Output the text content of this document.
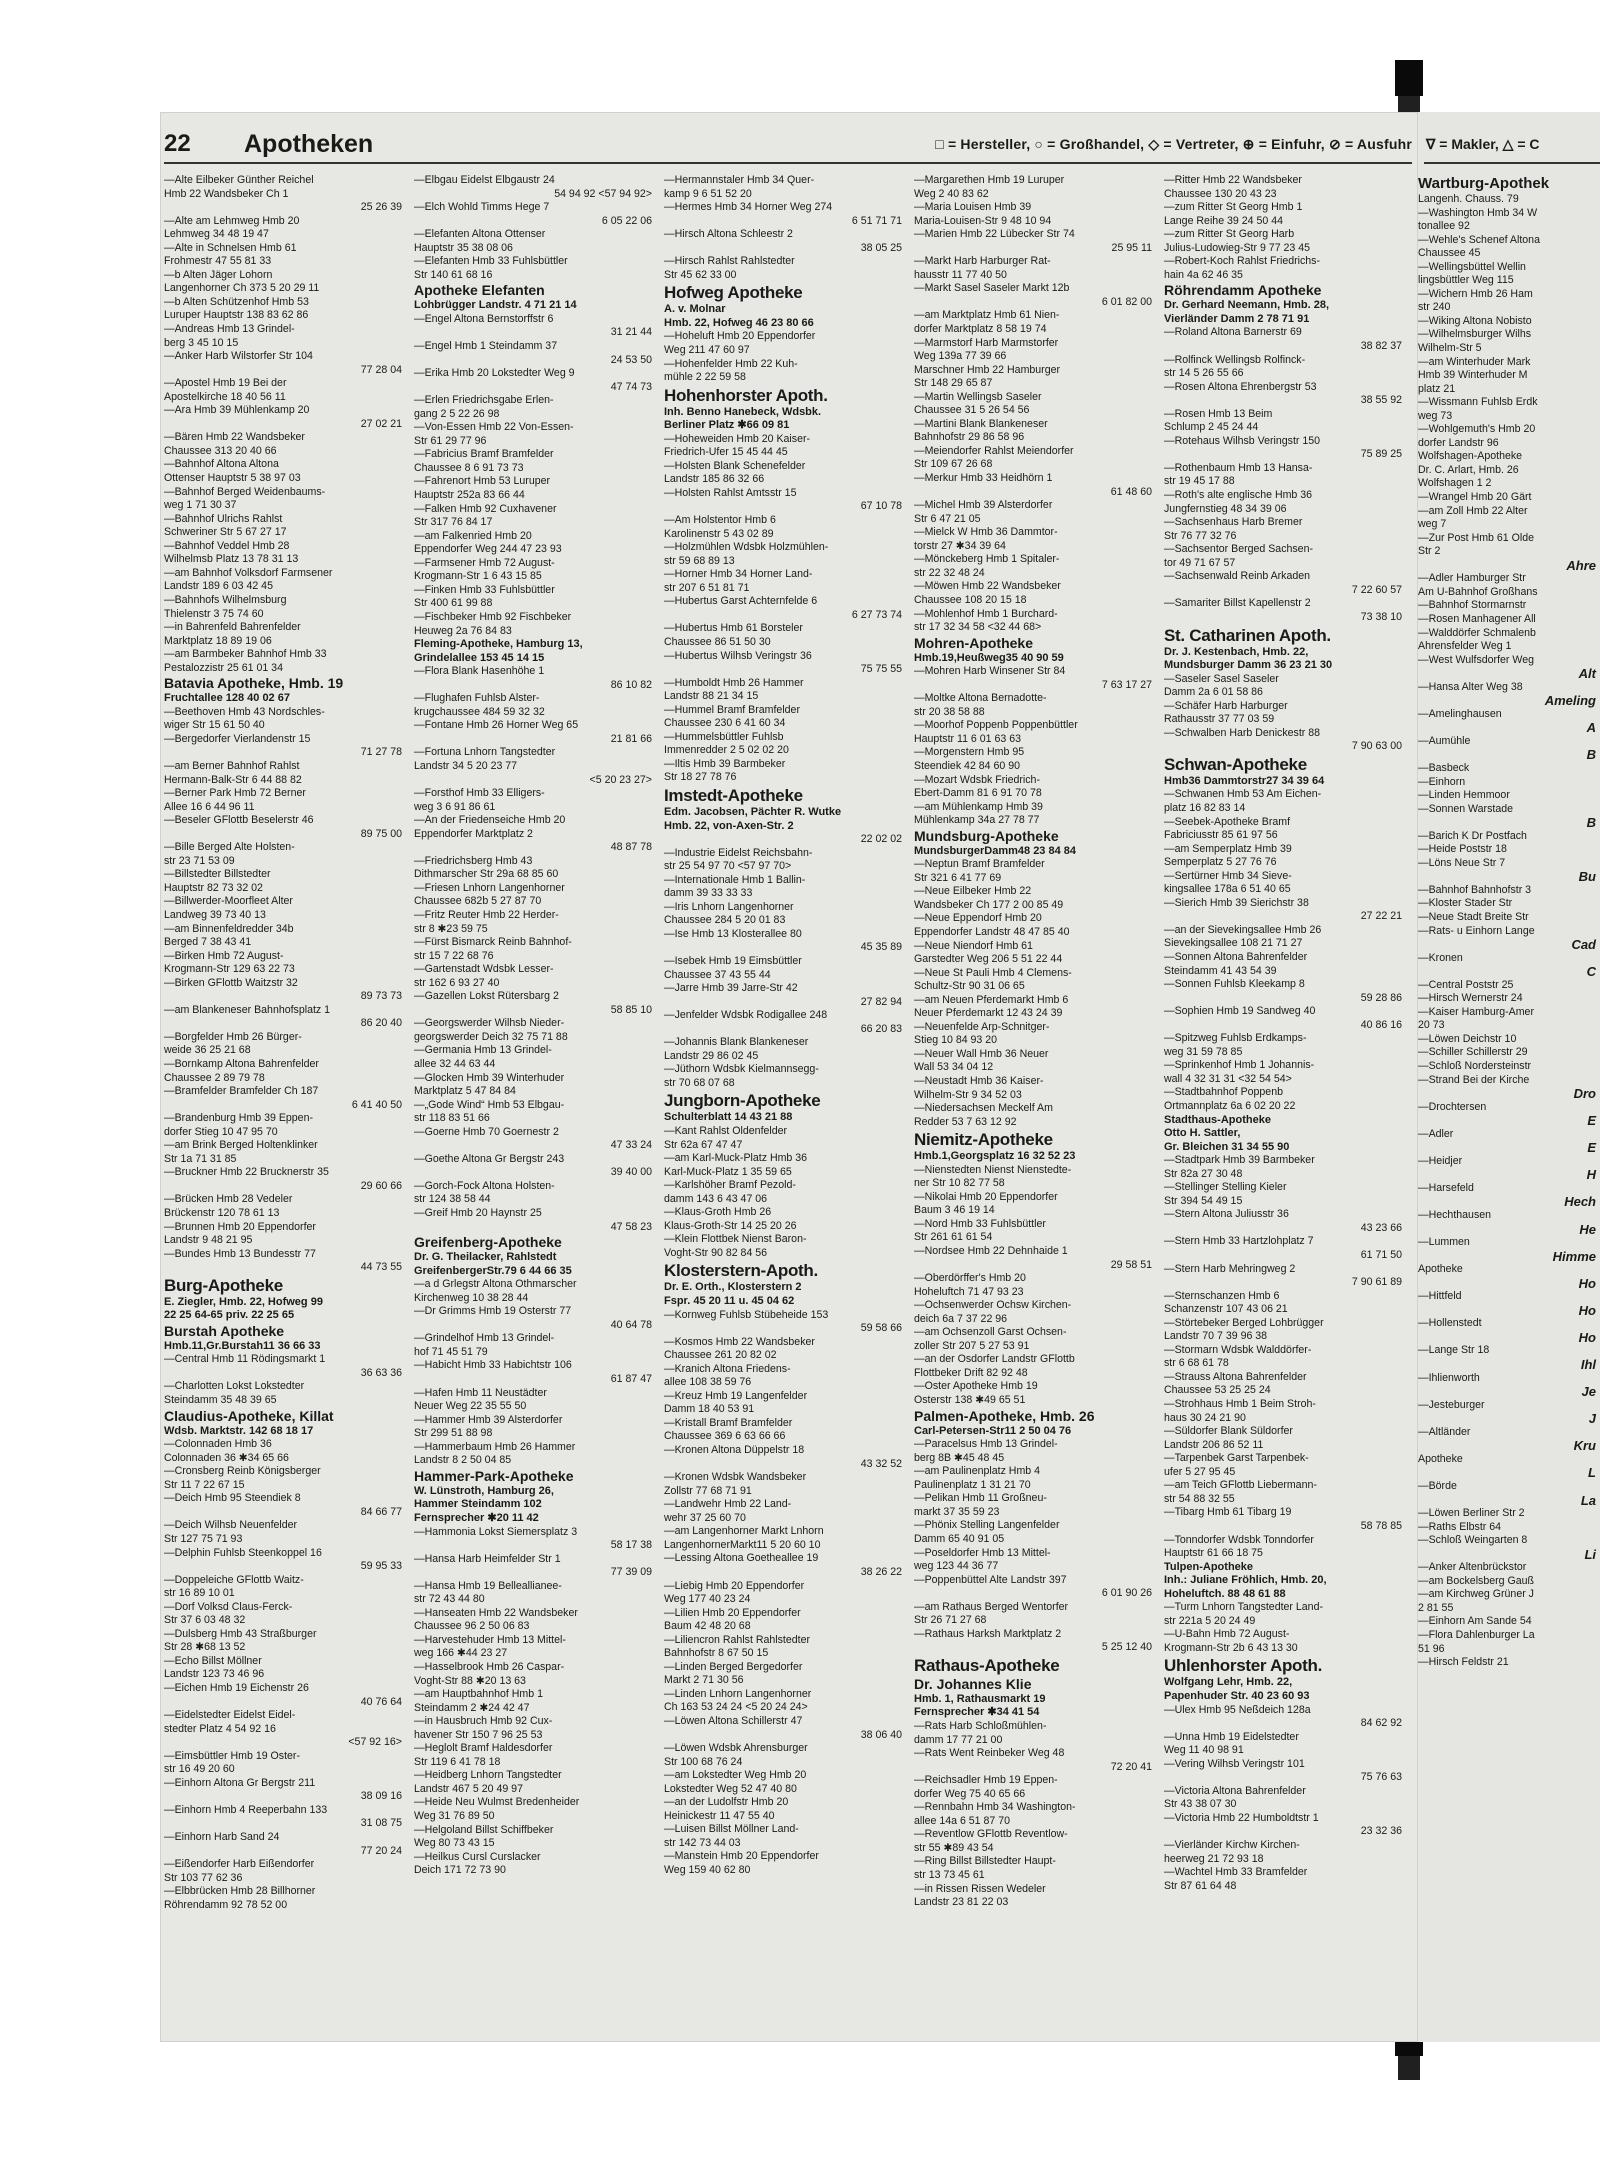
22 Apotheken	□ = Hersteller, ○ = Großhandel, ◇ = Vertreter, ⊕ = Einfuhr, ⊘ = Ausfuhr
—Alte Eilbeker Günther Reichel
Hmb 22 Wandsbeker Ch 1
25 26 39
—Alte am Lehmweg Hmb 20
Lehmweg 34 48 19 47
—Alte in Schnelsen Hmb 61
Frohmestr 47 55 81 33
—b Alten Jäger Lohorn
Langenhorner Ch 373 5 20 29 11
—b Alten Schützenhof Hmb 53
Luruper Hauptstr 138 83 62 86
—Andreas Hmb 13 Grindel-
berg 3 45 10 15
—Anker Harb Wilstorfer Str 104
77 28 04
—Apostel Hmb 19 Bei der
Apostelkirche 18 40 56 11
—Ara Hmb 39 Mühlenkamp 20
27 02 21
—Bären Hmb 22 Wandsbeker
Chaussee 313 20 40 66
—Bahnhof Altona Altona
Ottenser Hauptstr 5 38 97 03
—Bahnhof Berged Weidenbaums-
weg 1 71 30 37
—Bahnhof Ulrichs Rahlst
Schweriner Str 5 67 27 17
—Bahnhof Veddel Hmb 28
Wilhelmsb Platz 13 78 31 13
—am Bahnhof Volksdorf Farmsener
Landstr 189 6 03 42 45
—Bahnhofs Wilhelmsburg
Thielenstr 3 75 74 60
—in Bahrenfeld Bahrenfelder
Marktplatz 18 89 19 06
—am Barmbeker Bahnhof Hmb 33
Pestalozzistr 25 61 01 34
Batavia Apotheke, Hmb. 19
Fruchtallee 128 40 02 67
—Beethoven Hmb 43 Nordschles-
wiger Str 15 61 50 40
—Bergedorfer Vierlandenstr 15
71 27 78
—am Berner Bahnhof Rahlst
Hermann-Balk-Str 6 44 88 82
—Berner Park Hmb 72 Berner
Allee 16 6 44 96 11
—Beseler GFlottb Beselerstr 46
89 75 00
—Bille Berged Alte Holsten-
str 23 71 53 09
—Billstedter Billstedter
Hauptstr 82 73 32 02
—Billwerder-Moorfleet Alter
Landweg 39 73 40 13
—am Binnenfeldredder 34b
Berged 7 38 43 41
—Birken Hmb 72 August-
Krogmann-Str 129 63 22 73
—Birken GFlottb Waitzstr 32
89 73 73
—am Blankeneser Bahnhofsplatz 1
86 20 40
—Borgfelder Hmb 26 Bürger-
weide 36 25 21 68
—Bornkamp Altona Bahrenfelder
Chaussee 2 89 79 78
—Bramfelder Bramfelder Ch 187
6 41 40 50
—Brandenburg Hmb 39 Eppen-
dorfer Stieg 10 47 95 70
—am Brink Berged Holtenklinker
Str 1a 71 31 85
—Bruckner Hmb 22 Brucknerstr 35
29 60 66
—Brücken Hmb 28 Vedeler
Brückenstr 120 78 61 13
—Brunnen Hmb 20 Eppendorfer
Landstr 9 48 21 95
—Bundes Hmb 13 Bundesstr 77
44 73 55
Burg-Apotheke
E. Ziegler, Hmb. 22, Hofweg 99
22 25 64-65 priv. 22 25 65
Burstah Apotheke
Hmb.11,Gr.Burstah11 36 66 33
—Central Hmb 11 Rödingsmarkt 1
36 63 36
—Charlotten Lokst Lokstedter
Steindamm 35 48 39 65
Claudius-Apotheke, Killat
Wdsb. Marktstr. 142 68 18 17
—Colonnaden Hmb 36
Colonnaden 36 ✱34 65 66
—Cronsberg Reinb Königsberger
Str 11 7 22 67 15
—Deich Hmb 95 Steendiek 8
84 66 77
—Deich Wilhsb Neuenfelder
Str 127 75 71 93
—Delphin Fuhlsb Steenkoppel 16
59 95 33
—Doppeleiche GFlottb Waitz-
str 16 89 10 01
—Dorf Volksd Claus-Ferck-
Str 37 6 03 48 32
—Dulsberg Hmb 43 Straßburger
Str 28 ✱68 13 52
—Echo Billst Möllner
Landstr 123 73 46 96
—Eichen Hmb 19 Eichenstr 26
40 76 64
—Eidelstedter Eidelst Eidel-
stedter Platz 4 54 92 16
<57 92 16>
—Eimsbüttler Hmb 19 Oster-
str 16 49 20 60
—Einhorn Altona Gr Bergstr 211
38 09 16
—Einhorn Hmb 4 Reeperbahn 133
31 08 75
—Einhorn Harb Sand 24
77 20 24
—Eißendorfer Harb Eißendorfer
Str 103 77 62 36
—Elbbrücken Hmb 28 Billhorner
Röhrendamm 92 78 52 00
—Elbgau Eidelst Elbgaustr 24
54 94 92 <57 94 92>
—Elch Wohld Timms Hege 7
6 05 22 06
—Elefanten Altona Ottenser
Hauptstr 35 38 08 06
—Elefanten Hmb 33 Fuhlsbüttler
Str 140 61 68 16
Apotheke Elefanten
Lohbrügger Landstr. 4 71 21 14
—Engel Altona Bernstorffstr 6
31 21 44
—Engel Hmb 1 Steindamm 37
24 53 50
—Erika Hmb 20 Lokstedter Weg 9
47 74 73
—Erlen Friedrichsgabe Erlen-
gang 2 5 22 26 98
—Von-Essen Hmb 22 Von-Essen-
Str 61 29 77 96
—Fabricius Bramf Bramfelder
Chaussee 8 6 91 73 73
—Fahrenort Hmb 53 Luruper
Hauptstr 252a 83 66 44
—Falken Hmb 92 Cuxhavener
Str 317 76 84 17
—am Falkenried Hmb 20
Eppendorfer Weg 244 47 23 93
—Farmsener Hmb 72 August-
Krogmann-Str 1 6 43 15 85
—Finken Hmb 33 Fuhlsbüttler
Str 400 61 99 88
—Fischbeker Hmb 92 Fischbeker
Heuweg 2a 76 84 83
Fleming-Apotheke, Hamburg 13,
Grindelallee 153 45 14 15
—Flora Blank Hasenhöhe 1
86 10 82
—Flughafen Fuhlsb Alster-
krugchaussee 484 59 32 32
—Fontane Hmb 26 Horner Weg 65
21 81 66
—Fortuna Lnhorn Tangstedter
Landstr 34 5 20 23 77
<5 20 23 27>
—Forsthof Hmb 33 Elligers-
weg 3 6 91 86 61
—An der Friedenseiche Hmb 20
Eppendorfer Marktplatz 2
48 87 78
—Friedrichsberg Hmb 43
Dithmarscher Str 29a 68 85 60
—Friesen Lnhorn Langenhorner
Chaussee 682b 5 27 87 70
—Fritz Reuter Hmb 22 Herder-
str 8 ✱23 59 75
—Fürst Bismarck Reinb Bahnhof-
str 15 7 22 68 76
—Gartenstadt Wdsbk Lesser-
str 162 6 93 27 40
—Gazellen Lokst Rütersbarg 2
58 85 10
—Georgswerder Wilhsb Nieder-
georgswerder Deich 32 75 71 88
—Germania Hmb 13 Grindel-
allee 32 44 63 44
—Glocken Hmb 39 Winterhuder
Marktplatz 5 47 84 84
—„Gode Wind“ Hmb 53 Elbgau-
str 118 83 51 66
—Goerne Hmb 70 Goernestr 2
47 33 24
—Goethe Altona Gr Bergstr 243
39 40 00
—Gorch-Fock Altona Holsten-
str 124 38 58 44
—Greif Hmb 20 Haynstr 25
47 58 23
Greifenberg-Apotheke
Dr. G. Theilacker, Rahlstedt
GreifenbergerStr.79 6 44 66 35
—a d Grlegstr Altona Othmarscher
Kirchenweg 10 38 28 44
—Dr Grimms Hmb 19 Osterstr 77
40 64 78
—Grindelhof Hmb 13 Grindel-
hof 71 45 51 79
—Habicht Hmb 33 Habichtstr 106
61 87 47
—Hafen Hmb 11 Neustädter
Neuer Weg 22 35 55 50
—Hammer Hmb 39 Alsterdorfer
Str 299 51 88 98
—Hammerbaum Hmb 26 Hammer
Landstr 8 2 50 04 85
Hammer-Park-Apotheke
W. Lünstroth, Hamburg 26,
Hammer Steindamm 102
Fernsprecher ✱20 11 42
—Hammonia Lokst Siemersplatz 3
58 17 38
—Hansa Harb Heimfelder Str 1
77 39 09
—Hansa Hmb 19 Belleallianee-
str 72 43 44 80
—Hanseaten Hmb 22 Wandsbeker
Chaussee 96 2 50 06 83
—Harvestehuder Hmb 13 Mittel-
weg 166 ✱44 23 27
—Hasselbrook Hmb 26 Caspar-
Voght-Str 88 ✱20 13 63
—am Hauptbahnhof Hmb 1
Steindamm 2 ✱24 42 47
—in Hausbruch Hmb 92 Cux-
havener Str 150 7 96 25 53
—Heglolt Bramf Haldesdorfer
Str 119 6 41 78 18
—Heidberg Lnhorn Tangstedter
Landstr 467 5 20 49 97
—Heide Neu Wulmst Bredenheider
Weg 31 76 89 50
—Helgoland Billst Schiffbeker
Weg 80 73 43 15
—Heilkus Cursl Curslacker
Deich 171 72 73 90
—Hermannstaler Hmb 34 Quer-
kamp 9 6 51 52 20
—Hermes Hmb 34 Horner Weg 274
6 51 71 71
—Hirsch Altona Schleestr 2
38 05 25
—Hirsch Rahlst Rahlstedter
Str 45 62 33 00
Hofweg Apotheke
A. v. Molnar
Hmb. 22, Hofweg 46 23 80 66
—Hoheluft Hmb 20 Eppendorfer
Weg 211 47 60 97
—Hohenfelder Hmb 22 Kuh-
mühle 2 22 59 58
Hohenhorster Apoth.
Inh. Benno Hanebeck, Wdsbk.
Berliner Platz ✱66 09 81
—Hoheweiden Hmb 20 Kaiser-
Friedrich-Ufer 15 45 44 45
—Holsten Blank Schenefelder
Landstr 185 86 32 66
—Holsten Rahlst Amtsstr 15
67 10 78
—Am Holstentor Hmb 6
Karolinenstr 5 43 02 89
—Holzmühlen Wdsbk Holzmühlen-
str 59 68 89 13
—Horner Hmb 34 Horner Land-
str 207 6 51 81 71
—Hubertus Garst Achternfelde 6
6 27 73 74
—Hubertus Hmb 61 Borsteler
Chaussee 86 51 50 30
—Hubertus Wilhsb Veringstr 36
75 75 55
—Humboldt Hmb 26 Hammer
Landstr 88 21 34 15
—Hummel Bramf Bramfelder
Chaussee 230 6 41 60 34
—Hummelsbüttler Fuhlsb
Immenredder 2 5 02 02 20
—Iltis Hmb 39 Barmbeker
Str 18 27 78 76
Imstedt-Apotheke
Edm. Jacobsen, Pächter R. Wutke
Hmb. 22, von-Axen-Str. 2
22 02 02
—Industrie Eidelst Reichsbahn-
str 25 54 97 70 <57 97 70>
—Internationale Hmb 1 Ballin-
damm 39 33 33 33
—Iris Lnhorn Langenhorner
Chaussee 284 5 20 01 83
—Ise Hmb 13 Klosterallee 80
45 35 89
—Isebek Hmb 19 Eimsbüttler
Chaussee 37 43 55 44
—Jarre Hmb 39 Jarre-Str 42
27 82 94
—Jenfelder Wdsbk Rodigallee 248
66 20 83
—Johannis Blank Blankeneser
Landstr 29 86 02 45
—Jüthorn Wdsbk Kielmannsegg-
str 70 68 07 68
Jungborn-Apotheke
Schulterblatt 14 43 21 88
—Kant Rahlst Oldenfelder
Str 62a 67 47 47
—am Karl-Muck-Platz Hmb 36
Karl-Muck-Platz 1 35 59 65
—Karlshöher Bramf Pezold-
damm 143 6 43 47 06
—Klaus-Groth Hmb 26
Klaus-Groth-Str 14 25 20 26
—Klein Flottbek Nienst Baron-
Voght-Str 90 82 84 56
Klosterstern-Apoth.
Dr. E. Orth., Klosterstern 2
Fspr. 45 20 11 u. 45 04 62
—Kornweg Fuhlsb Stübeheide 153
59 58 66
—Kosmos Hmb 22 Wandsbeker
Chaussee 261 20 82 02
—Kranich Altona Friedens-
allee 108 38 59 76
—Kreuz Hmb 19 Langenfelder
Damm 18 40 53 91
—Kristall Bramf Bramfelder
Chaussee 369 6 63 66 66
—Kronen Altona Düppelstr 18
43 32 52
—Kronen Wdsbk Wandsbeker
Zollstr 77 68 71 91
—Landwehr Hmb 22 Land-
wehr 37 25 60 70
—am Langenhorner Markt Lnhorn
LangenhornerMarkt11 5 20 60 10
—Lessing Altona Goetheallee 19
38 26 22
—Liebig Hmb 20 Eppendorfer
Weg 177 40 23 24
—Lilien Hmb 20 Eppendorfer
Baum 42 48 20 68
—Liliencron Rahlst Rahlstedter
Bahnhofstr 8 67 50 15
—Linden Berged Bergedorfer
Markt 2 71 30 56
—Linden Lnhorn Langenhorner
Ch 163 53 24 24 <5 20 24 24>
—Löwen Altona Schillerstr 47
38 06 40
—Löwen Wdsbk Ahrensburger
Str 100 68 76 24
—am Lokstedter Weg Hmb 20
Lokstedter Weg 52 47 40 80
—an der Ludolfstr Hmb 20
Heinickestr 11 47 55 40
—Luisen Billst Möllner Land-
str 142 73 44 03
—Manstein Hmb 20 Eppendorfer
Weg 159 40 62 80
—Margarethen Hmb 19 Luruper
Weg 2 40 83 62
—Maria Louisen Hmb 39
Maria-Louisen-Str 9 48 10 94
—Marien Hmb 22 Lübecker Str 74
25 95 11
—Markt Harb Harburger Rat-
hausstr 11 77 40 50
—Markt Sasel Saseler Markt 12b
6 01 82 00
—am Marktplatz Hmb 61 Nien-
dorfer Marktplatz 8 58 19 74
—Marmstorf Harb Marmstorfer
Weg 139a 77 39 66
Marschner Hmb 22 Hamburger
Str 148 29 65 87
—Martin Wellingsb Saseler
Chaussee 31 5 26 54 56
—Martini Blank Blankeneser
Bahnhofstr 29 86 58 96
—Meiendorfer Rahlst Meiendorfer
Str 109 67 26 68
—Merkur Hmb 33 Heidhörn 1
61 48 60
—Michel Hmb 39 Alsterdorfer
Str 6 47 21 05
—Mielck W Hmb 36 Dammtor-
torstr 27 ✱34 39 64
—Mönckeberg Hmb 1 Spitaler-
str 22 32 48 24
—Möwen Hmb 22 Wandsbeker
Chaussee 108 20 15 18
—Mohlenhof Hmb 1 Burchard-
str 17 32 34 58 <32 44 68>
Mohren-Apotheke
Hmb.19,Heußweg35 40 90 59
—Mohren Harb Winsener Str 84
7 63 17 27
—Moltke Altona Bernadotte-
str 20 38 58 88
—Moorhof Poppenb Poppenbüttler
Hauptstr 11 6 01 63 63
—Morgenstern Hmb 95
Steendiek 42 84 60 90
—Mozart Wdsbk Friedrich-
Ebert-Damm 81 6 91 70 78
—am Mühlenkamp Hmb 39
Mühlenkamp 34a 27 78 77
Mundsburg-Apotheke
MundsburgerDamm48 23 84 84
—Neptun Bramf Bramfelder
Str 321 6 41 77 69
—Neue Eilbeker Hmb 22
Wandsbeker Ch 177 2 00 85 49
—Neue Eppendorf Hmb 20
Eppendorfer Landstr 48 47 85 40
—Neue Niendorf Hmb 61
Garstedter Weg 206 5 51 22 44
—Neue St Pauli Hmb 4 Clemens-
Schultz-Str 90 31 06 65
—am Neuen Pferdemarkt Hmb 6
Neuer Pferdemarkt 12 43 24 39
—Neuenfelde Arp-Schnitger-
Stieg 10 84 93 20
—Neuer Wall Hmb 36 Neuer
Wall 53 34 04 12
—Neustadt Hmb 36 Kaiser-
Wilhelm-Str 9 34 52 03
—Niedersachsen Meckelf Am
Redder 53 7 63 12 92
Niemitz-Apotheke
Hmb.1,Georgsplatz 16 32 52 23
—Nienstedten Nienst Nienstedte-
ner Str 10 82 77 58
—Nikolai Hmb 20 Eppendorfer
Baum 3 46 19 14
—Nord Hmb 33 Fuhlsbüttler
Str 261 61 61 54
—Nordsee Hmb 22 Dehnhaide 1
29 58 51
—Oberdörffer's Hmb 20
Hoheluftch 71 47 93 23
—Ochsenwerder Ochsw Kirchen-
deich 6a 7 37 22 96
—am Ochsenzoll Garst Ochsen-
zoller Str 207 5 27 53 91
—an der Osdorfer Landstr GFlottb
Flottbeker Drift 82 92 48
—Oster Apotheke Hmb 19
Osterstr 138 ✱49 65 51
Palmen-Apotheke, Hmb. 26
Carl-Petersen-Str11 2 50 04 76
—Paracelsus Hmb 13 Grindel-
berg 8B ✱45 48 45
—am Paulinenplatz Hmb 4
Paulinenplatz 1 31 21 70
—Pelikan Hmb 11 Großneu-
markt 37 35 59 23
—Phönix Stelling Langenfelder
Damm 65 40 91 05
—Poseldorfer Hmb 13 Mittel-
weg 123 44 36 77
—Poppenbüttel Alte Landstr 397
6 01 90 26
—am Rathaus Berged Wentorfer
Str 26 71 27 68
—Rathaus Harksh Marktplatz 2
5 25 12 40
Rathaus-Apotheke
Dr. Johannes Klie
Hmb. 1, Rathausmarkt 19
Fernsprecher ✱34 41 54
—Rats Harb Schloßmühlen-
damm 17 77 21 00
—Rats Went Reinbeker Weg 48
72 20 41
—Reichsadler Hmb 19 Eppen-
dorfer Weg 75 40 65 66
—Rennbahn Hmb 34 Washington-
allee 14a 6 51 87 70
—Reventlow GFlottb Reventlow-
str 55 ✱89 43 54
—Ring Billst Billstedter Haupt-
str 13 73 45 61
—in Rissen Rissen Wedeler
Landstr 23 81 22 03
—Ritter Hmb 22 Wandsbeker
Chaussee 130 20 43 23
—zum Ritter St Georg Hmb 1
Lange Reihe 39 24 50 44
—zum Ritter St Georg Harb
Julius-Ludowieg-Str 9 77 23 45
—Robert-Koch Rahlst Friedrichs-
hain 4a 62 46 35
Röhrendamm Apotheke
Dr. Gerhard Neemann, Hmb. 28,
Vierländer Damm 2 78 71 91
—Roland Altona Barnerstr 69
38 82 37
—Rolfinck Wellingsb Rolfinck-
str 14 5 26 55 66
—Rosen Altona Ehrenbergstr 53
38 55 92
—Rosen Hmb 13 Beim
Schlump 2 45 24 44
—Rotehaus Wilhsb Veringstr 150
75 89 25
—Rothenbaum Hmb 13 Hansa-
str 19 45 17 88
—Roth's alte englische Hmb 36
Jungfernstieg 48 34 39 06
—Sachsenhaus Harb Bremer
Str 76 77 32 76
—Sachsentor Berged Sachsen-
tor 49 71 67 57
—Sachsenwald Reinb Arkaden
7 22 60 57
—Samariter Billst Kapellenstr 2
73 38 10
St. Catharinen Apoth.
Dr. J. Kestenbach, Hmb. 22,
Mundsburger Damm 36 23 21 30
—Saseler Sasel Saseler
Damm 2a 6 01 58 86
—Schäfer Harb Harburger
Rathausstr 37 77 03 59
—Schwalben Harb Denickestr 88
7 90 63 00
Schwan-Apotheke
Hmb36 Dammtorstr27 34 39 64
—Schwanen Hmb 53 Am Eichen-
platz 16 82 83 14
—Seebek-Apotheke Bramf
Fabriciusstr 85 61 97 56
—am Semperplatz Hmb 39
Semperplatz 5 27 76 76
—Sertürner Hmb 34 Sieve-
kingsallee 178a 6 51 40 65
—Sierich Hmb 39 Sierichstr 38
27 22 21
—an der Sievekingsallee Hmb 26
Sievekingsallee 108 21 71 27
—Sonnen Altona Bahrenfelder
Steindamm 41 43 54 39
—Sonnen Fuhlsb Kleekamp 8
59 28 86
—Sophien Hmb 19 Sandweg 40
40 86 16
—Spitzweg Fuhlsb Erdkamps-
weg 31 59 78 85
—Sprinkenhof Hmb 1 Johannis-
wall 4 32 31 31 <32 54 54>
—Stadtbahnhof Poppenb
Ortmannplatz 6a 6 02 20 22
Stadthaus-Apotheke
Otto H. Sattler,
Gr. Bleichen 31 34 55 90
—Stadtpark Hmb 39 Barmbeker
Str 82a 27 30 48
—Stellinger Stelling Kieler
Str 394 54 49 15
—Stern Altona Juliusstr 36
43 23 66
—Stern Hmb 33 Hartzlohplatz 7
61 71 50
—Stern Harb Mehringweg 2
7 90 61 89
—Sternschanzen Hmb 6
Schanzenstr 107 43 06 21
—Störtebeker Berged Lohbrügger
Landstr 70 7 39 96 38
—Stormarn Wdsbk Walddörfer-
str 6 68 61 78
—Strauss Altona Bahrenfelder
Chaussee 53 25 25 24
—Strohhaus Hmb 1 Beim Stroh-
haus 30 24 21 90
—Süldorfer Blank Süldorfer
Landstr 206 86 52 11
—Tarpenbek Garst Tarpenbek-
ufer 5 27 95 45
—am Teich GFlottb Liebermann-
str 54 88 32 55
—Tibarg Hmb 61 Tibarg 19
58 78 85
—Tonndorfer Wdsbk Tonndorfer
Hauptstr 61 66 18 75
Tulpen-Apotheke
Inh.: Juliane Fröhlich, Hmb. 20,
Hoheluftch. 88 48 61 88
—Turm Lnhorn Tangstedter Land-
str 221a 5 20 24 49
—U-Bahn Hmb 72 August-
Krogmann-Str 2b 6 43 13 30
Uhlenhorster Apoth.
Wolfgang Lehr, Hmb. 22,
Papenhuder Str. 40 23 60 93
—Ulex Hmb 95 Neßdeich 128a
84 62 92
—Unna Hmb 19 Eidelstedter
Weg 11 40 98 91
—Vering Wilhsb Veringstr 101
75 76 63
—Victoria Altona Bahrenfelder
Str 43 38 07 30
—Victoria Hmb 22 Humboldtstr 1
23 32 36
—Vierländer Kirchw Kirchen-
heerweg 21 72 93 18
—Wachtel Hmb 33 Bramfelder
Str 87 61 64 48
∇ = Makler, △ = C
Wartburg-Apothek
Langenh. Chauss. 79
—Washington Hmb 34 W
tonallee 92
—Wehle's Schenef Altona
Chaussee 45
—Wellingsbüttel Wellin
lingsbüttler Weg 115
—Wichern Hmb 26 Ham
str 240
—Wiking Altona Nobisto
—Wilhelmsburger Wilhs
Wilhelm-Str 5
—am Winterhuder Mark
Hmb 39 Winterhuder M
platz 21
—Wissmann Fuhlsb Erdk
weg 73
—Wohlgemuth's Hmb 20
dorfer Landstr 96
Wolfshagen-Apotheke
Dr. C. Arlart, Hmb. 26
Wolfshagen 1 2
—Wrangel Hmb 20 Gärt
—am Zoll Hmb 22 Alter
weg 7
—Zur Post Hmb 61 Olde
Str 2
Ahre
—Adler Hamburger Str
Am U-Bahnhof Großhans
—Bahnhof Stormarnstr
—Rosen Manhagener All
—Walddörfer Schmalenb
Ahrensfelder Weg 1
—West Wulfsdorfer Weg
Alt
—Hansa Alter Weg 38
Ameling
—Amelinghausen
A
—Aumühle
B
—Basbeck
—Einhorn
—Linden Hemmoor
—Sonnen Warstade
B
—Barich K Dr Postfach
—Heide Poststr 18
—Löns Neue Str 7
Bu
—Bahnhof Bahnhofstr 3
—Kloster Stader Str
—Neue Stadt Breite Str
—Rats- u Einhorn Lange
Cad
—Kronen
C
—Central Poststr 25
—Hirsch Wernerstr 24
—Kaiser Hamburg-Amer
20 73
—Löwen Deichstr 10
—Schiller Schillerstr 29
—Schloß Nordersteinstr
—Strand Bei der Kirche
Dro
—Drochtersen
E
—Adler
E
—Heidjer
H
—Harsefeld
Hech
—Hechthausen
He
—Lummen
Himme
Apotheke
Ho
—Hittfeld
Ho
—Hollenstedt
Ho
—Lange Str 18
Ihl
—Ihlienworth
Je
—Jesteburger
J
—Altländer
Kru
Apotheke
L
—Börde
La
—Löwen Berliner Str 2
—Raths Elbstr 64
—Schloß Weingarten 8
Li
—Anker Altenbrückstor
—am Bockelsberg Gauß
—am Kirchweg Grüner J
2 81 55
—Einhorn Am Sande 54
—Flora Dahlenburger La
51 96
—Hirsch Feldstr 21
